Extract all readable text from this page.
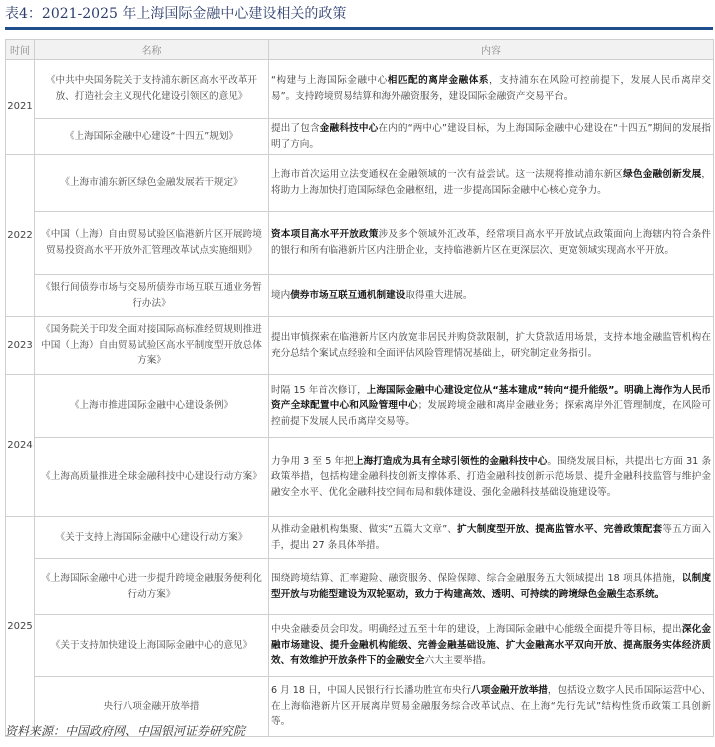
表4：2021-2025 年上海国际金融中心建设相关的政策
时间	名称	内容
2021	《中共中央国务院关于支持浦东新区高水平改革开放、打造社会主义现代化建设引领区的意见》	“构建与上海国际金融中心相匹配的离岸金融体系，支持浦东在风险可控前提下，发展人民币离岸交易”。支持跨境贸易结算和海外融资服务，建设国际金融资产交易平台。
	《上海国际金融中心建设“十四五”规划》	提出了包含金融科技中心在内的“两中心”建设目标，为上海国际金融中心建设在“十四五”期间的发展指明了方向。
2022	《上海市浦东新区绿色金融发展若干规定》	上海市首次运用立法变通权在金融领域的一次有益尝试。这一法规将推动浦东新区绿色金融创新发展，将助力上海加快打造国际绿色金融枢纽，进一步提高国际金融中心核心竞争力。
	《中国（上海）自由贸易试验区临港新片区开展跨境贸易投资高水平开放外汇管理改革试点实施细则》	资本项目高水平开放政策涉及多个领域外汇改革，经常项目高水平开放试点政策面向上海辖内符合条件的银行和所有临港新片区内注册企业，支持临港新片区在更深层次、更宽领域实现高水平开放。
	《银行间债券市场与交易所债券市场互联互通业务暂行办法》	境内债券市场互联互通机制建设取得重大进展。
2023	《国务院关于印发全面对接国际高标准经贸规则推进中国（上海）自由贸易试验区高水平制度型开放总体方案》	提出审慎探索在临港新片区内放宽非居民并购贷款限制，扩大贷款适用场景，支持本地金融监管机构在充分总结个案试点经验和全面评估风险管理情况基础上，研究制定业务指引。
2024	《上海市推进国际金融中心建设条例》	时隔 15 年首次修订，上海国际金融中心建设定位从“基本建成”转向“提升能级”。明确上海作为人民币资产全球配置中心和风险管理中心；发展跨境金融和离岸金融业务；探索离岸外汇管理制度，在风险可控前提下发展人民币离岸交易等。
	《上海高质量推进全球金融科技中心建设行动方案》	力争用 3 至 5 年把上海打造成为具有全球引领性的金融科技中心。围绕发展目标，共提出七方面 31 条政策举措，包括构建金融科技创新支撑体系、打造金融科技创新示范场景、提升金融科技监管与维护金融安全水平、优化金融科技空间布局和载体建设、强化金融科技基础设施建设等。
2025	《关于支持上海国际金融中心建设行动方案》	从推动金融机构集聚、做实“五篇大文章”、扩大制度型开放、提高监管水平、完善政策配套等五方面入手，提出 27 条具体举措。
	《上海国际金融中心进一步提升跨境金融服务便利化行动方案》	围绕跨境结算、汇率避险、融资服务、保险保障、综合金融服务五大领域提出 18 项具体措施，以制度型开放与功能型建设为双轮驱动，致力于构建高效、透明、可持续的跨境绿色金融生态系统。
	《关于支持加快建设上海国际金融中心的意见》	中央金融委员会印发。明确经过五至十年的建设，上海国际金融中心能级全面提升等目标，提出深化金融市场建设、提升金融机构能级、完善金融基础设施、扩大金融高水平双向开放、提高服务实体经济质效、有效维护开放条件下的金融安全六大主要举措。
	央行八项金融开放举措	6 月 18 日，中国人民银行行长潘功胜宣布央行八项金融开放举措，包括设立数字人民币国际运营中心、在上海临港新片区开展离岸贸易金融服务综合改革试点、在上海“先行先试”结构性货币政策工具创新等。
资料来源：中国政府网、中国银河证券研究院
